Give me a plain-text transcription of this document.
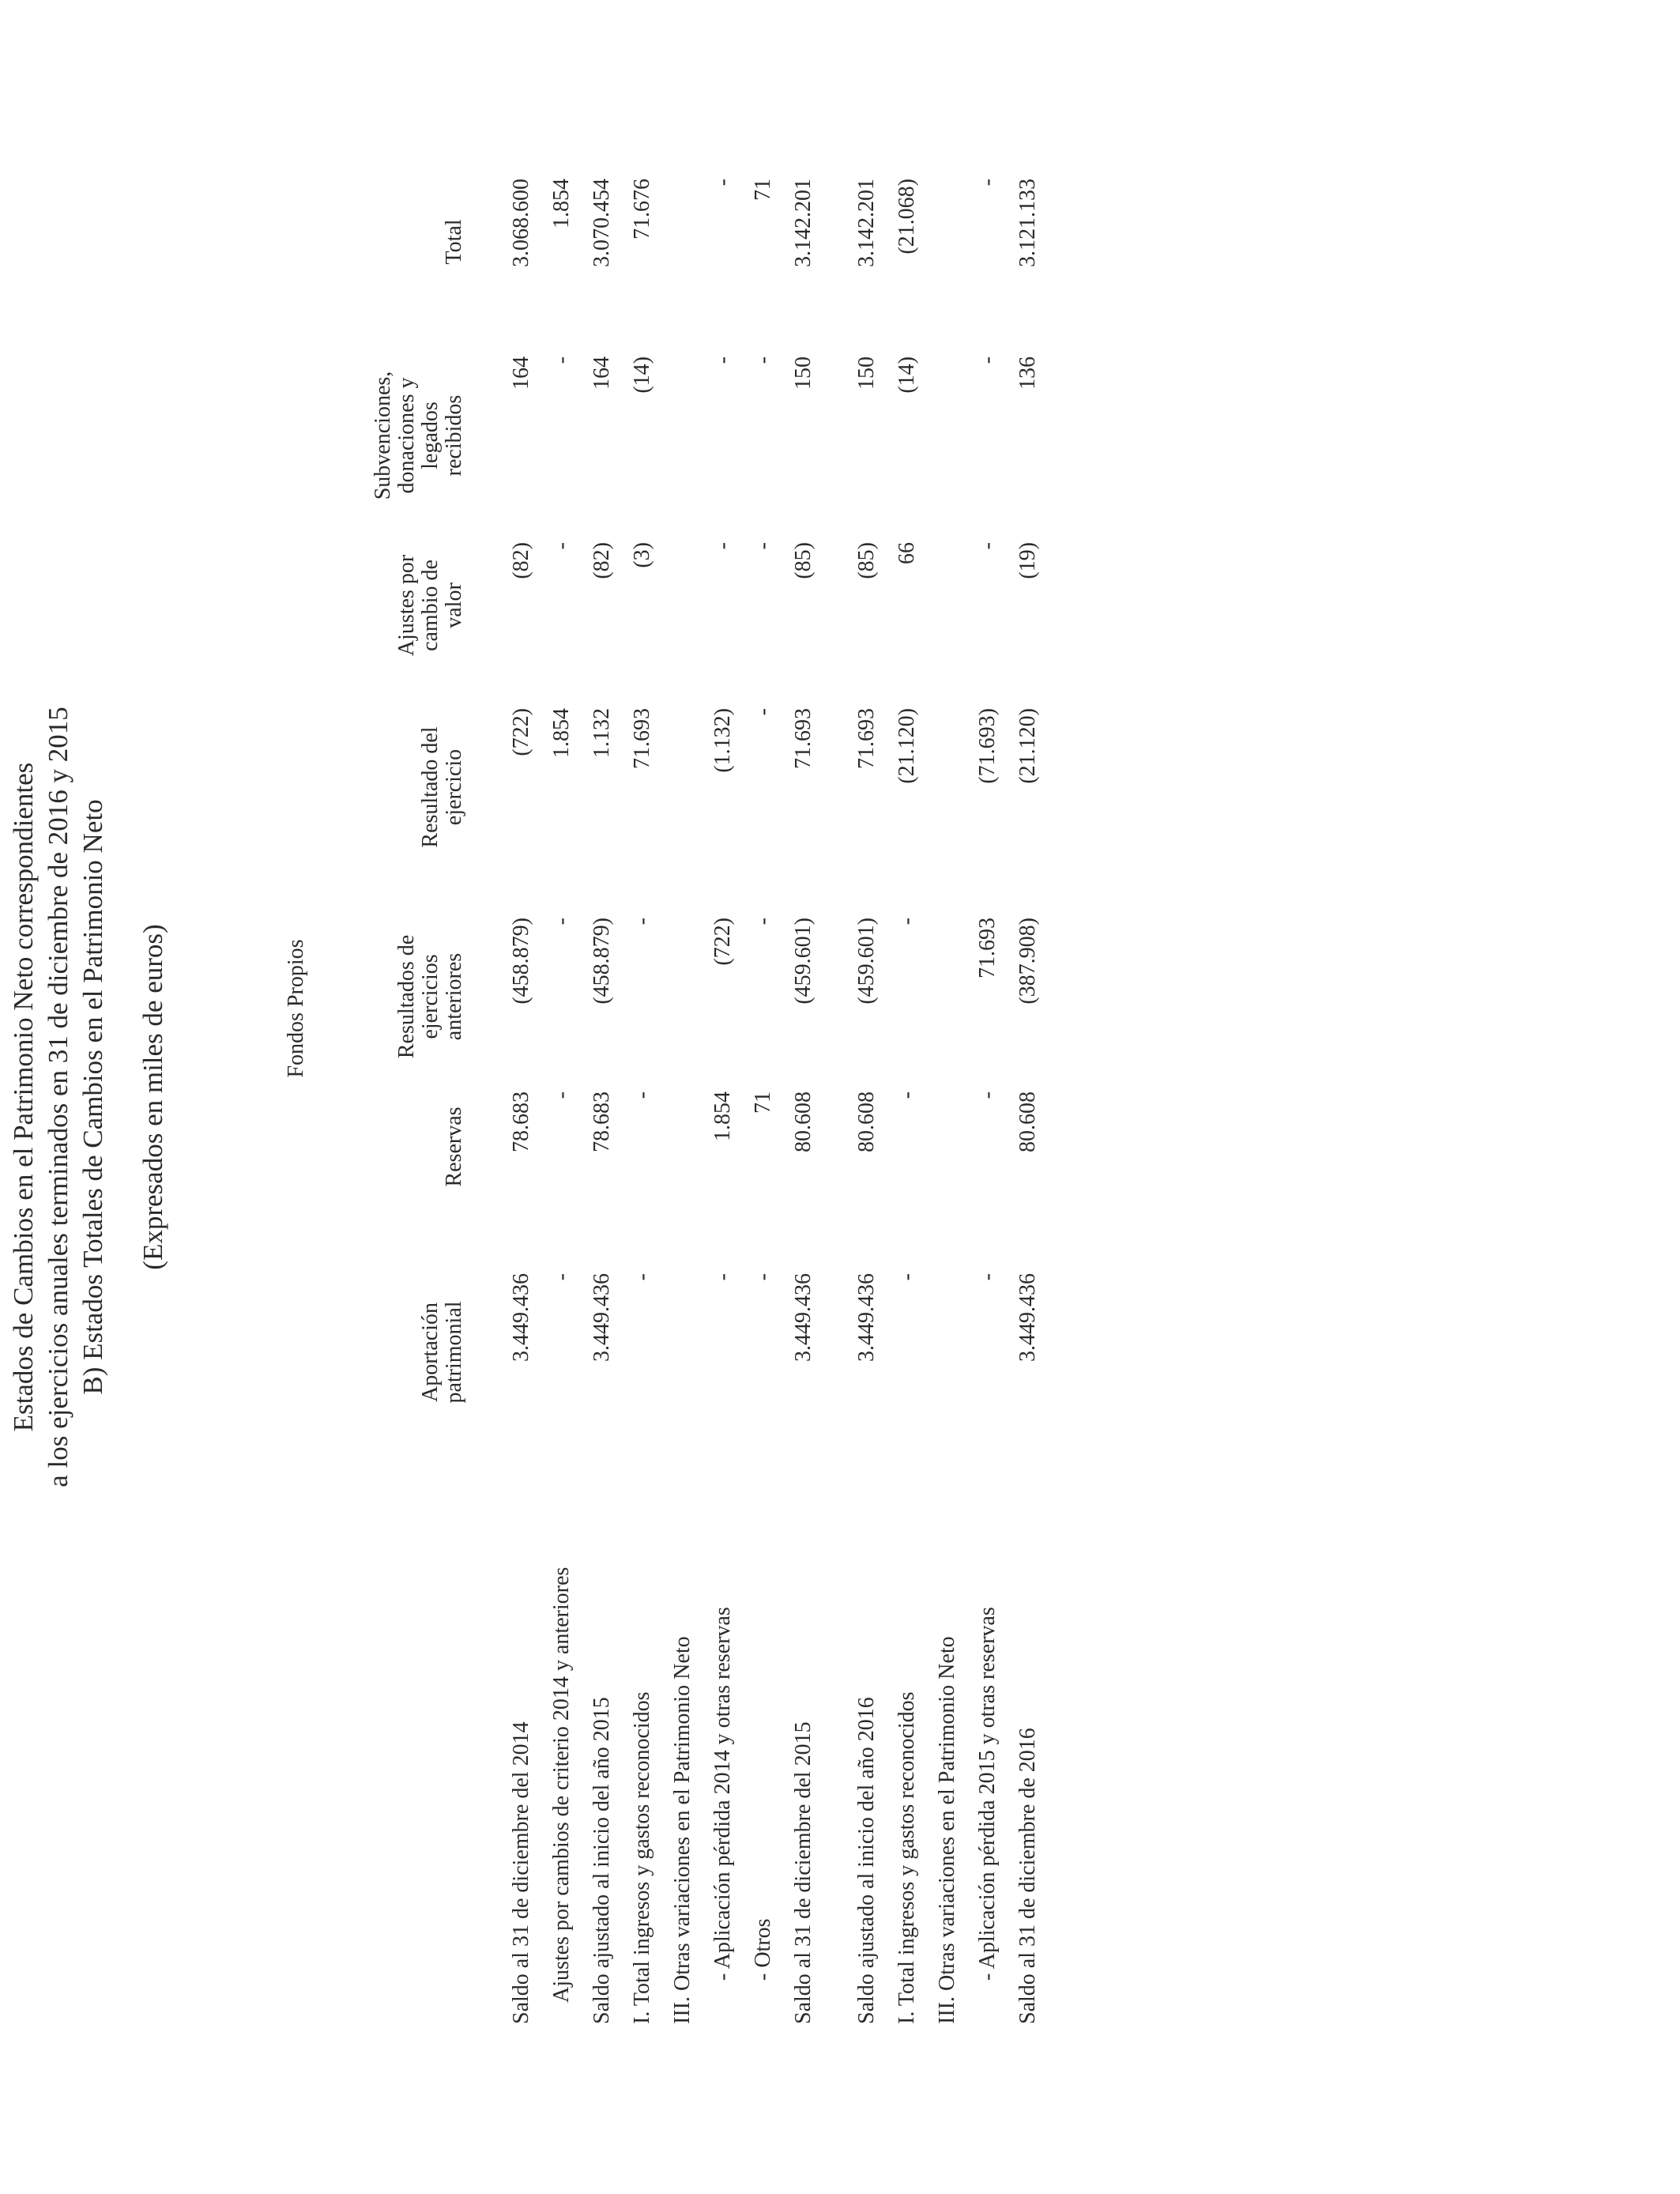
Estados de Cambios en el Patrimonio Neto correspondientes a los ejercicios anuales terminados en 31 de diciembre de 2016 y 2015 B) Estados Totales de Cambios en el Patrimonio Neto (Expresados en miles de euros)	Fondos Propios
Aportación patrimonial
Reservas
Resultados de ejercicios anteriores
Resultado del ejercicio
Ajustes por cambio de valor
Subvenciones, donaciones y legados recibidos
Total
Saldo al 31 de diciembre del 2014
3.449.436
78.683
(458.879)
(722)
(82)
164
3.068.600
Ajustes por cambios de criterio 2014 y anteriores
-
-
-
1.854
-
-
1.854
Saldo ajustado al inicio del año 2015
3.449.436
78.683
(458.879)
1.132
(82)
164
3.070.454
I. Total ingresos y gastos reconocidos
-
-
-
71.693
(3)
(14)
71.676
III. Otras variaciones en el Patrimonio Neto - Aplicación pérdida 2014 y otras reservas
-
1.854
(722)
(1.132)
-
-
-
- Otros
-
71
-
-
-
-
71
Saldo al 31 de diciembre del 2015
3.449.436
80.608
(459.601)
71.693
(85)
150
3.142.201
Saldo ajustado al inicio del año 2016
3.449.436
80.608
(459.601)
71.693
(85)
150
3.142.201
I. Total ingresos y gastos reconocidos
-
-
-
(21.120)
66
(14)
(21.068)
III. Otras variaciones en el Patrimonio Neto - Aplicación pérdida 2015 y otras reservas
-
-
71.693
(71.693)
-
-
-
Saldo al 31 de diciembre de 2016
3.449.436
80.608
(387.908)
(21.120)
(19)
136
3.121.133
